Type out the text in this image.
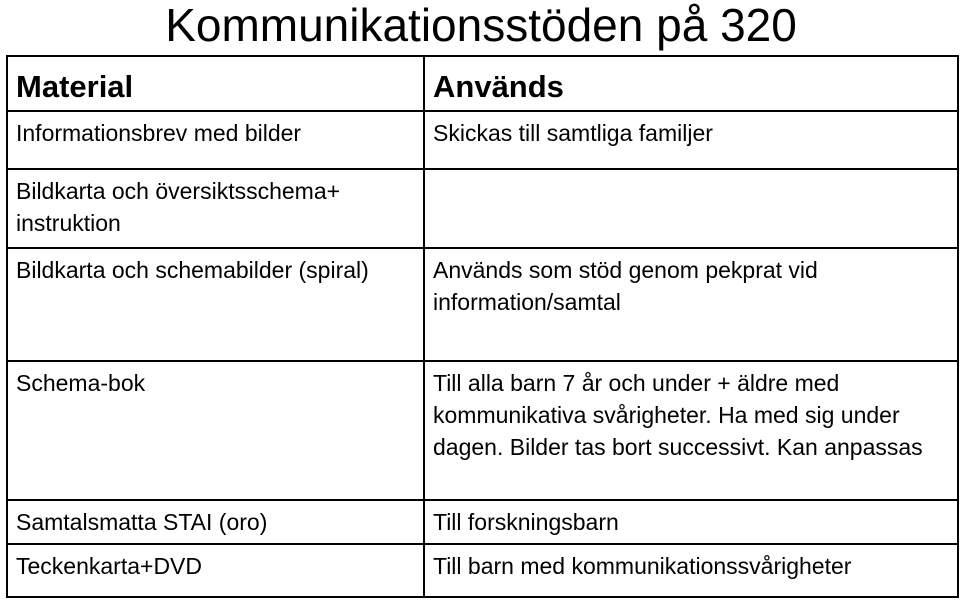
Kommunikationsstöden på 320
Material	Används

Informationsbrev med bilder	Skickas till samtliga familjer

Bildkarta och översiktsschema+ instruktion	

Bildkarta och schemabilder (spiral)	Används som stöd genom pekprat vid information/samtal

Schema-bok	Till alla barn 7 år och under + äldre med kommunikativa svårigheter. Ha med sig under dagen. Bilder tas bort successivt. Kan anpassas

Samtalsmatta STAI (oro)	Till forskningsbarn

Teckenkarta+DVD	Till barn med kommunikationssvårigheter
